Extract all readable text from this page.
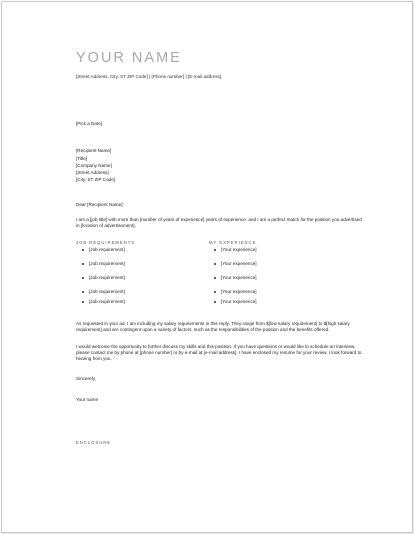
YOUR NAME
[Street Address, City, ST ZIP Code] | [Phone number] | [E-mail address]
[Pick a Date]
[Recipient Name]
[Title]
[Company Name]
[Street Address]
[City, ST ZIP Code]
Dear [Recipient Name]:
I am a [job title] with more than [number of years of experience] years of experience, and I am a perfect match for the position you advertised in [location of advertisement].
JOB REQUIREMENTS	MY EXPERIENCE
[Job requirement]
[Job requirement]
[Job requirement]
[Job requirement]
[Job requirement]
[Your experience]
[Your experience]
[Your experience]
[Your experience]
[Your experience]
As requested in your ad, I am including my salary requirements in this reply. They range from $[low salary requirement] to $[high salary requirement] and are contingent upon a variety of factors, such as the responsibilities of the position and the benefits offered.
I would welcome the opportunity to further discuss my skills and this position. If you have questions or would like to schedule an interview, please contact me by phone at [phone number] or by e-mail at [e-mail address]. I have enclosed my resume for your review. I look forward to hearing from you.
Sincerely,
Your name
ENCLOSURE
